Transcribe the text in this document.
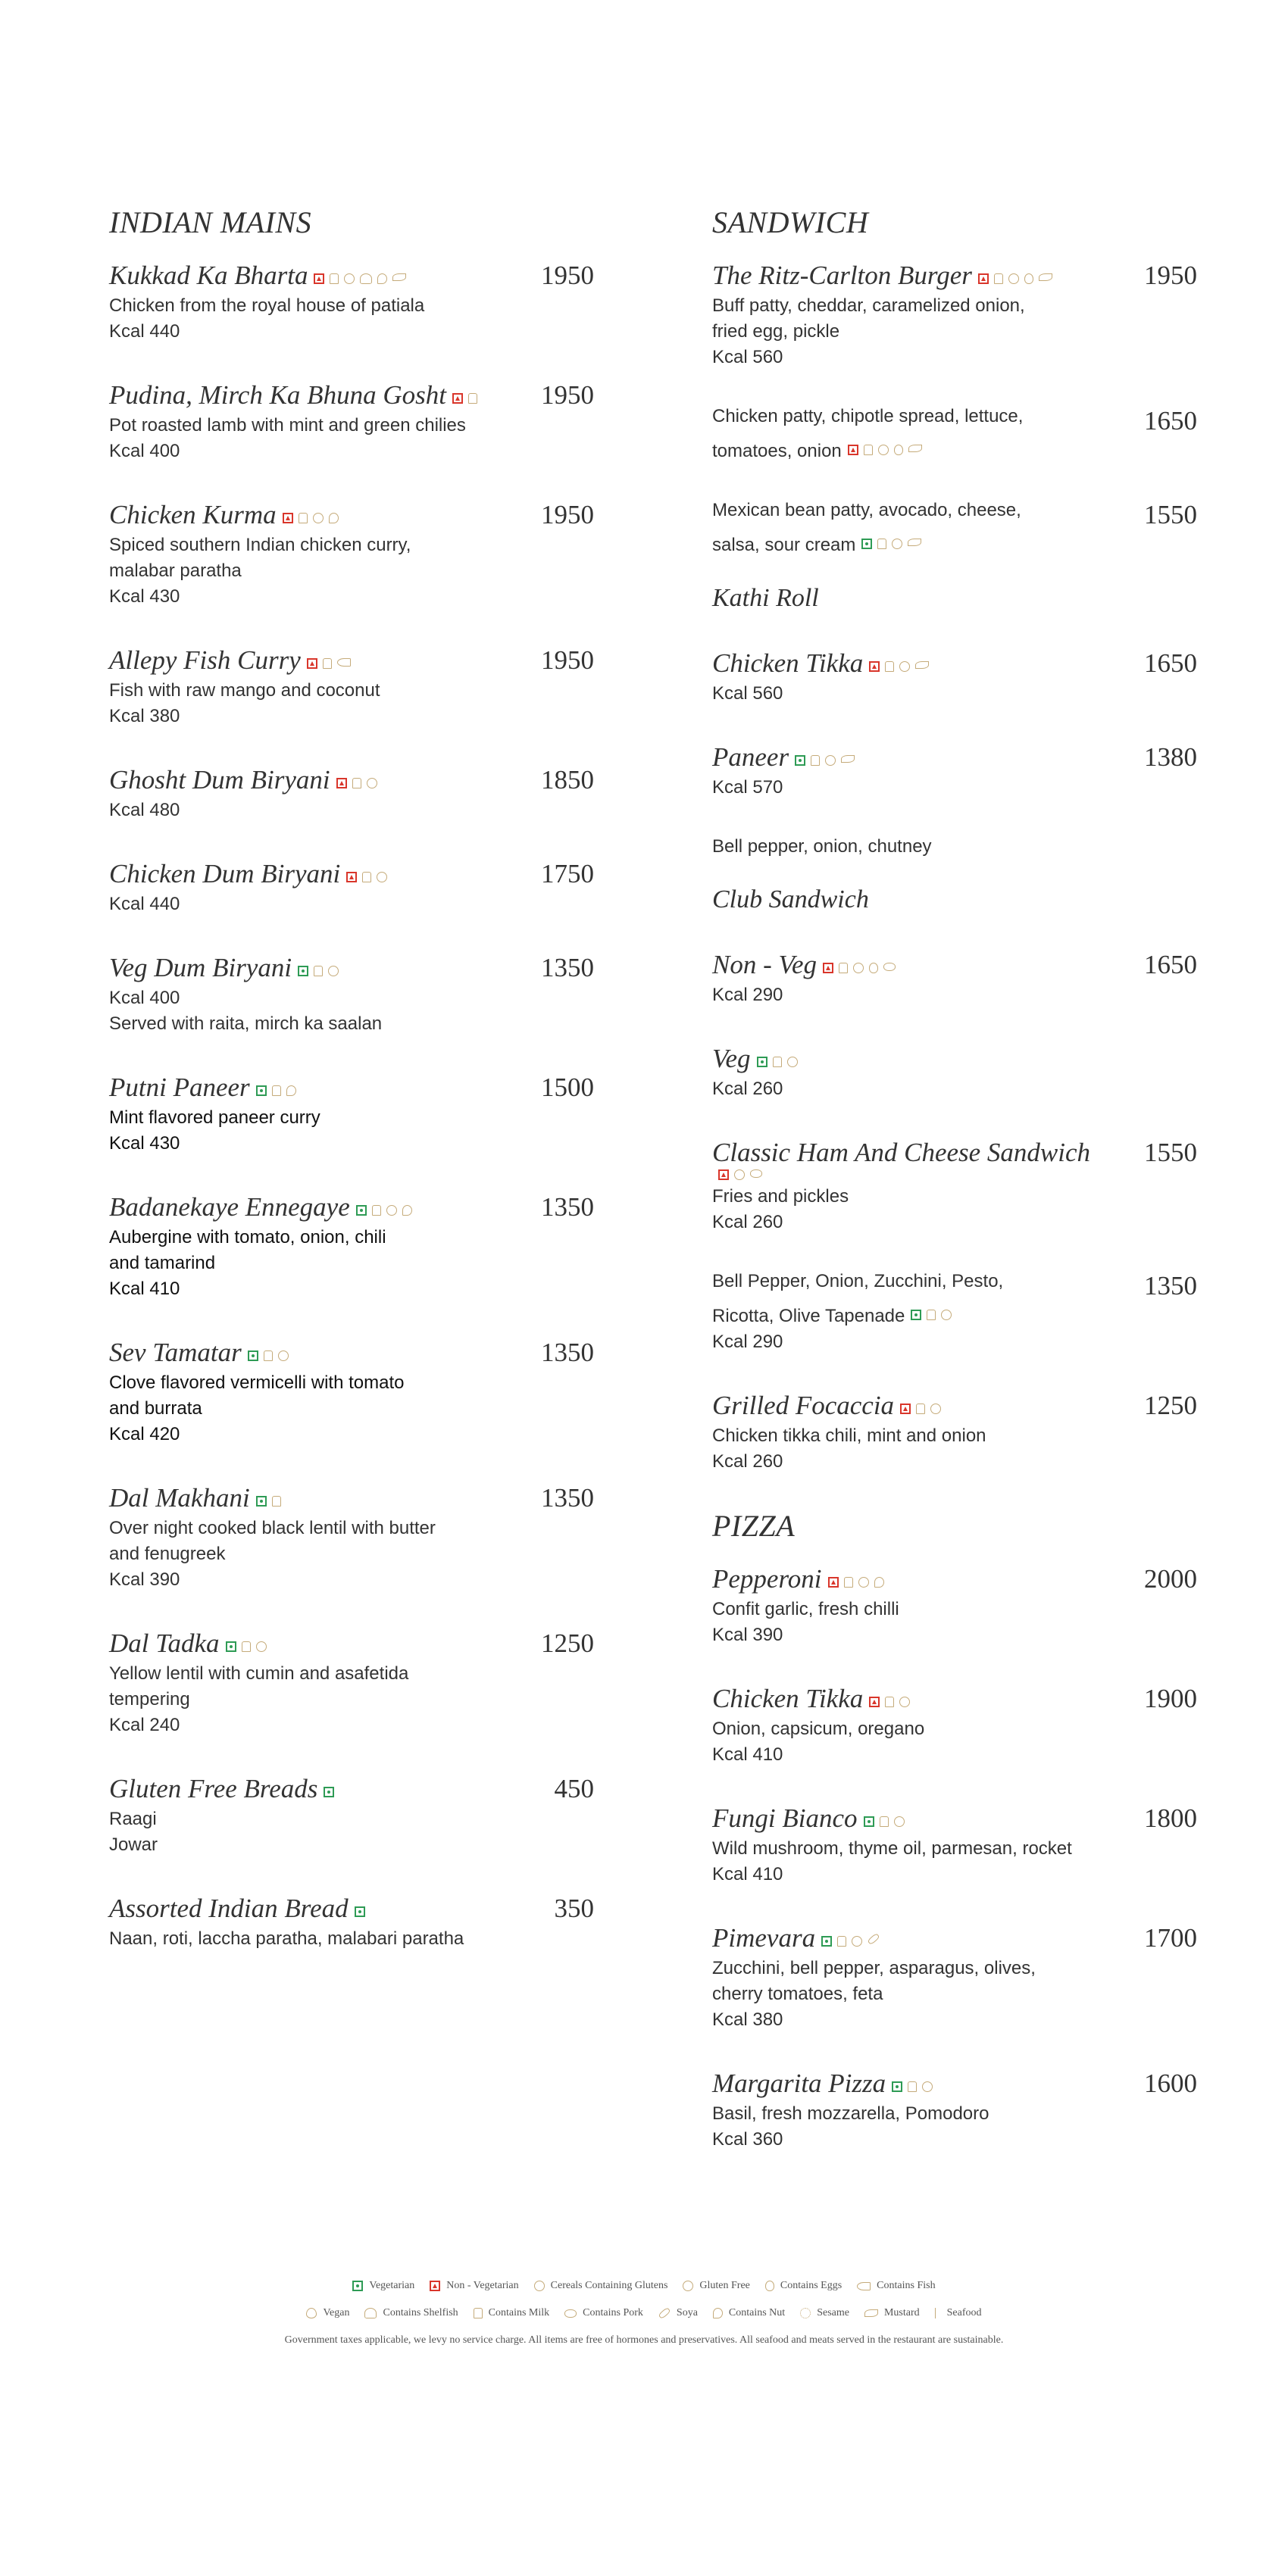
INDIAN MAINS
Kukkad Ka Bharta	1950
Chicken from the royal house of patiala
Kcal 440
Pudina, Mirch Ka Bhuna Gosht	1950
Pot roasted lamb with mint and green chilies
Kcal 400
Chicken Kurma	1950
Spiced southern Indian chicken curry,
malabar paratha
Kcal 430
Allepy Fish Curry	1950
Fish with raw mango and coconut
Kcal 380
Ghosht Dum Biryani	1850
Kcal 480
Chicken Dum Biryani	1750
Kcal 440
Veg Dum Biryani	1350
Kcal 400
Served with raita, mirch ka saalan
Putni Paneer	1500
Mint flavored paneer curry
Kcal 430
Badanekaye Ennegaye	1350
Aubergine with tomato, onion, chili
and tamarind
Kcal 410
Sev Tamatar	1350
Clove flavored vermicelli with tomato
and burrata
Kcal 420
Dal Makhani	1350
Over night cooked black lentil with butter
and fenugreek
Kcal 390
Dal Tadka	1250
Yellow lentil with cumin and asafetida
tempering
Kcal 240
Gluten Free Breads	450
Raagi
Jowar
Assorted Indian Bread	350
Naan, roti, laccha paratha, malabari paratha
SANDWICH
The Ritz-Carlton Burger	1950
Buff patty, cheddar, caramelized onion,
fried egg, pickle
Kcal 560
Chicken patty, chipotle spread, lettuce,	1650
tomatoes, onion
Mexican bean patty, avocado, cheese,	1550
salsa, sour cream
Kathi Roll
Chicken Tikka	1650
Kcal 560
Paneer	1380
Kcal 570
Bell pepper, onion, chutney
Club Sandwich
Non - Veg	1650
Kcal 290
Veg
Kcal 260
Classic Ham And Cheese Sandwich 1550
Fries and pickles
Kcal 260
Bell Pepper, Onion, Zucchini, Pesto,	1350
Ricotta, Olive Tapenade
Kcal 290
Grilled Focaccia	1250
Chicken tikka chili, mint and onion
Kcal 260
PIZZA
Pepperoni	2000
Confit garlic, fresh chilli
Kcal 390
Chicken Tikka	1900
Onion, capsicum, oregano
Kcal 410
Fungi Bianco	1800
Wild mushroom, thyme oil, parmesan, rocket
Kcal 410
Pimevara	1700
Zucchini, bell pepper, asparagus, olives,
cherry tomatoes, feta
Kcal 380
Margarita Pizza	1600
Basil, fresh mozzarella, Pomodoro
Kcal 360
Vegetarian	Non - Vegetarian	Cereals Containing Glutens	Gluten Free	Contains Eggs	Contains Fish
Vegan	Contains Shelfish	Contains Milk	Contains Pork	Soya	Contains Nut	Sesame	Mustard	Seafood
Government taxes applicable, we levy no service charge. All items are free of hormones and preservatives. All seafood and meats served in the restaurant are sustainable.
